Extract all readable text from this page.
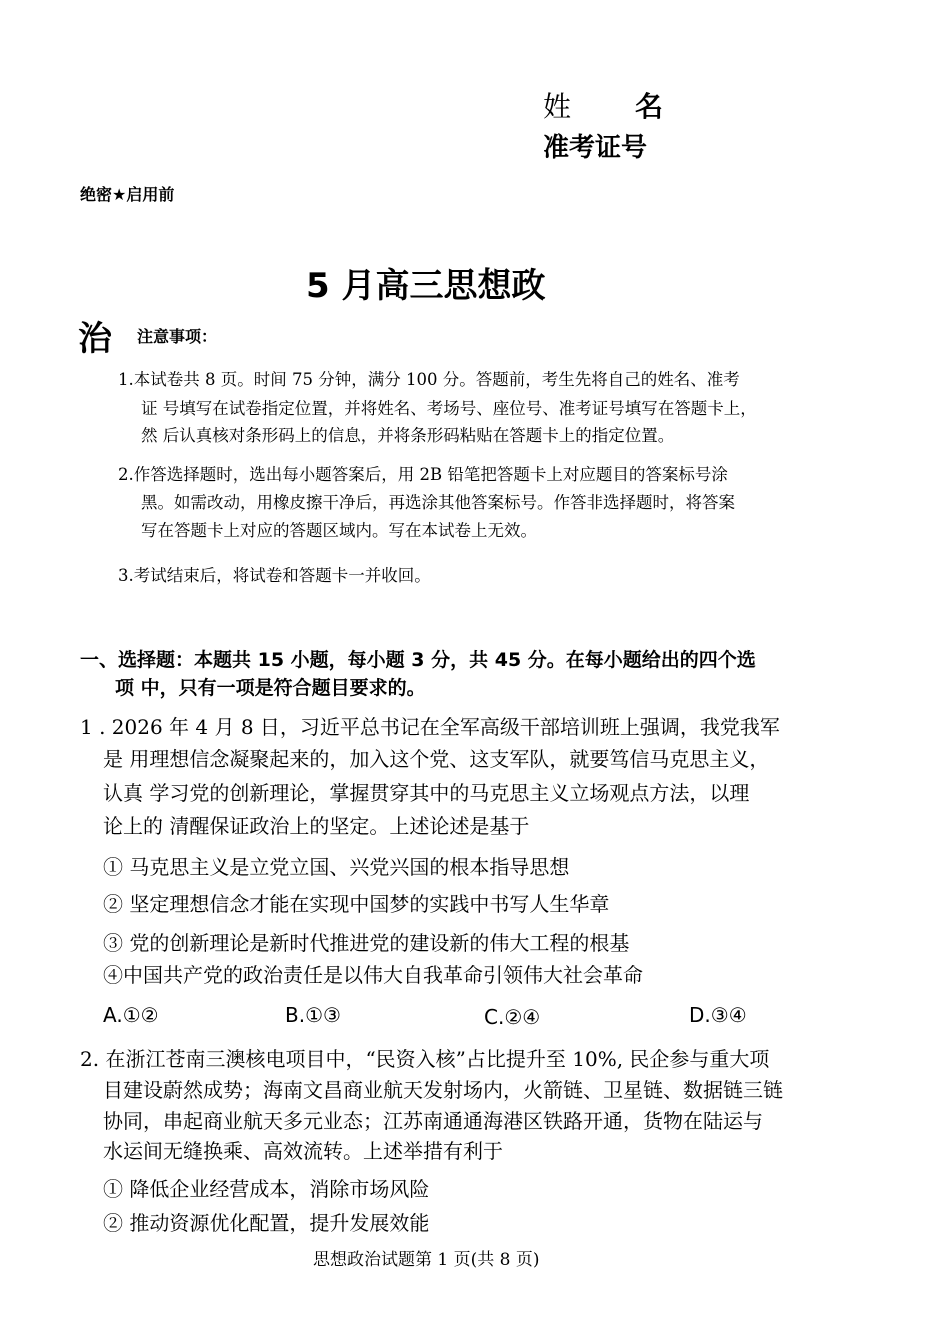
姓 名
准考证号
绝密★启用前
5 月高三思想政
治 注意事项：
1.本试卷共 8 页。时间 75 分钟，满分 100 分。答题前，考生先将自己的姓名、准考
证 号填写在试卷指定位置，并将姓名、考场号、座位号、准考证号填写在答题卡上，
然 后认真核对条形码上的信息，并将条形码粘贴在答题卡上的指定位置。
2.作答选择题时，选出每小题答案后，用 2B 铅笔把答题卡上对应题目的答案标号涂
黑。如需改动，用橡皮擦干净后，再选涂其他答案标号。作答非选择题时，将答案
写在答题卡上对应的答题区域内。写在本试卷上无效。
3.考试结束后，将试卷和答题卡一并收回。
一、选择题：本题共 15 小题，每小题 3 分，共 45 分。在每小题给出的四个选
项 中，只有一项是符合题目要求的。
1 . 2026 年 4 月 8 日，习近平总书记在全军高级干部培训班上强调，我党我军
是 用理想信念凝聚起来的，加入这个党、这支军队，就要笃信马克思主义，
认真 学习党的创新理论，掌握贯穿其中的马克思主义立场观点方法，以理
论上的 清醒保证政治上的坚定。上述论述是基于
① 马克思主义是立党立国、兴党兴国的根本指导思想
② 坚定理想信念才能在实现中国梦的实践中书写人生华章
③ 党的创新理论是新时代推进党的建设新的伟大工程的根基
④中国共产党的政治责任是以伟大自我革命引领伟大社会革命
A.①②	B.①③	C.②④	D.③④
2. 在浙江苍南三澳核电项目中，“民资入核”占比提升至 10%, 民企参与重大项
目建设蔚然成势；海南文昌商业航天发射场内，火箭链、卫星链、数据链三链
协同，串起商业航天多元业态；江苏南通通海港区铁路开通，货物在陆运与
水运间无缝换乘、高效流转。上述举措有利于
① 降低企业经营成本，消除市场风险
② 推动资源优化配置，提升发展效能
思想政治试题第 1 页(共 8 页)
